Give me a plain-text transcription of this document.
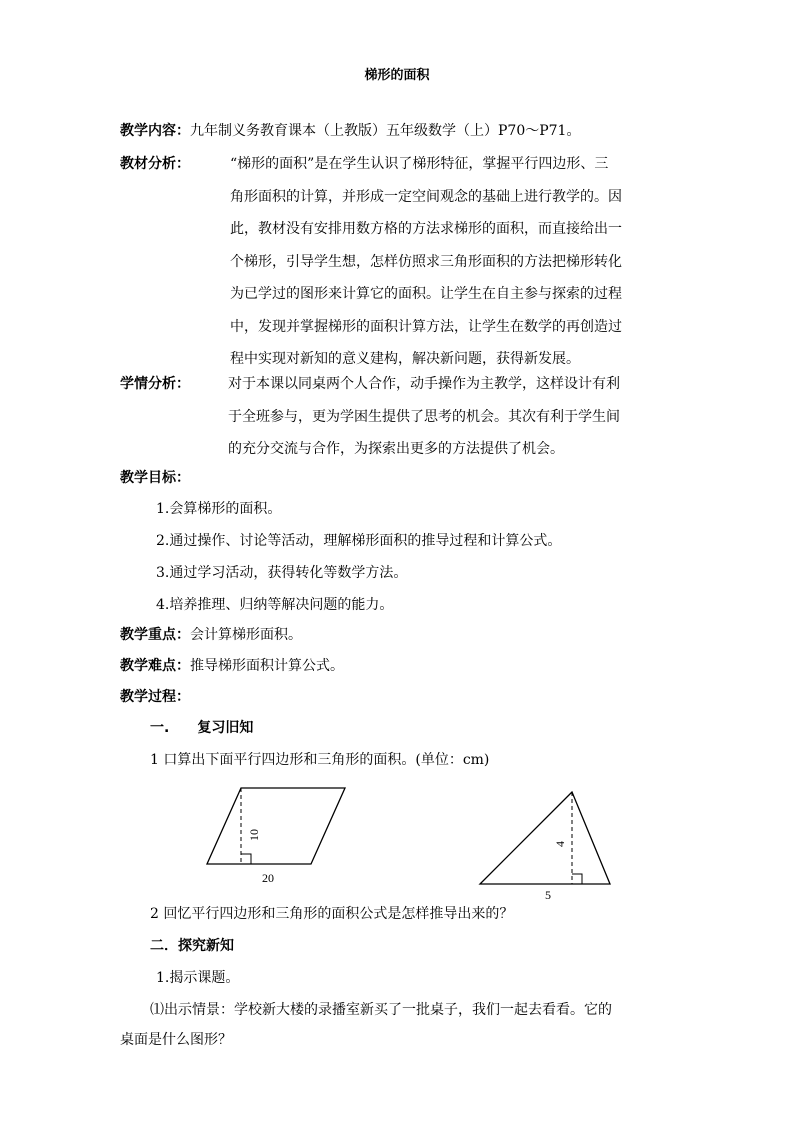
梯形的面积
教学内容：九年制义务教育课本（上教版）五年级数学（上）P70～P71。
教材分析：	“梯形的面积”是在学生认识了梯形特征，掌握平行四边形、三
角形面积的计算，并形成一定空间观念的基础上进行教学的。因
此，教材没有安排用数方格的方法求梯形的面积，而直接给出一
个梯形，引导学生想，怎样仿照求三角形面积的方法把梯形转化
为已学过的图形来计算它的面积。让学生在自主参与探索的过程
中，发现并掌握梯形的面积计算方法，让学生在数学的再创造过
程中实现对新知的意义建构，解决新问题，获得新发展。
学情分析：	对于本课以同桌两个人合作，动手操作为主教学，这样设计有利
于全班参与，更为学困生提供了思考的机会。其次有利于学生间
的充分交流与合作，为探索出更多的方法提供了机会。
教学目标：
1.会算梯形的面积。
2.通过操作、讨论等活动，理解梯形面积的推导过程和计算公式。
3.通过学习活动，获得转化等数学方法。
4.培养推理、归纳等解决问题的能力。
教学重点：会计算梯形面积。
教学难点：推导梯形面积计算公式。
教学过程：
一. 复习旧知
1 口算出下面平行四边形和三角形的面积。(单位：cm)
10
20
4
5
2 回忆平行四边形和三角形的面积公式是怎样推导出来的？
二．探究新知
1.揭示课题。
⑴出示情景：学校新大楼的录播室新买了一批桌子，我们一起去看看。它的
桌面是什么图形？
